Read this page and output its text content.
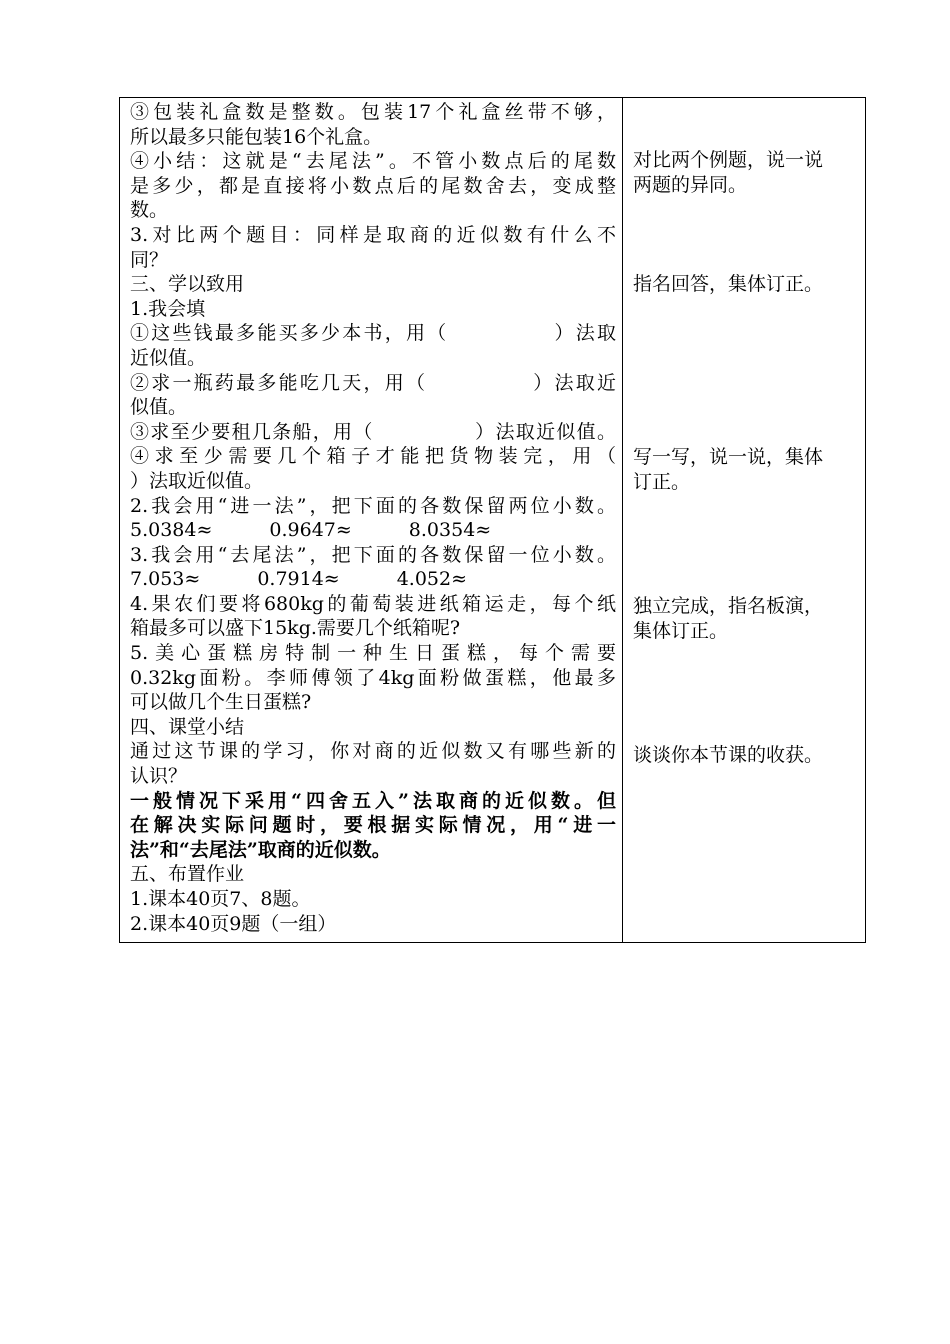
③包装礼盒数是整数。包装17个礼盒丝带不够，
所以最多只能包装16个礼盒。
④小结：这就是“去尾法”。不管小数点后的尾数
是多少，都是直接将小数点后的尾数舍去，变成整
数。
3.对比两个题目：同样是取商的近似数有什么不
同？
三、学以致用
1.我会填
①这些钱最多能买多少本书，用（　　　　　）法取
近似值。
②求一瓶药最多能吃几天，用（　　　　　）法取近
似值。
③求至少要租几条船，用（　　　　　）法取近似值。
④求至少需要几个箱子才能把货物装完，用（
）法取近似值。
2.我会用“进一法”，把下面的各数保留两位小数。
5.0384≈　　　0.9647≈　　　8.0354≈
3.我会用“去尾法”，把下面的各数保留一位小数。
7.053≈　　　0.7914≈　　　4.052≈
4.果农们要将680kg的葡萄装进纸箱运走，每个纸
箱最多可以盛下15kg.需要几个纸箱呢?
5.美心蛋糕房特制一种生日蛋糕，每个需要
0.32kg面粉。李师傅领了4kg面粉做蛋糕，他最多
可以做几个生日蛋糕?
四、课堂小结
通过这节课的学习，你对商的近似数又有哪些新的
认识？
一般情况下采用“四舍五入”法取商的近似数。但
在解决实际问题时，要根据实际情况，用“进一
法”和“去尾法”取商的近似数。
五、布置作业
1.课本40页7、8题。
2.课本40页9题（一组）
对比两个例题，说一说
两题的异同。
指名回答，集体订正。
写一写，说一说，集体
订正。
独立完成，指名板演，
集体订正。
谈谈你本节课的收获。
